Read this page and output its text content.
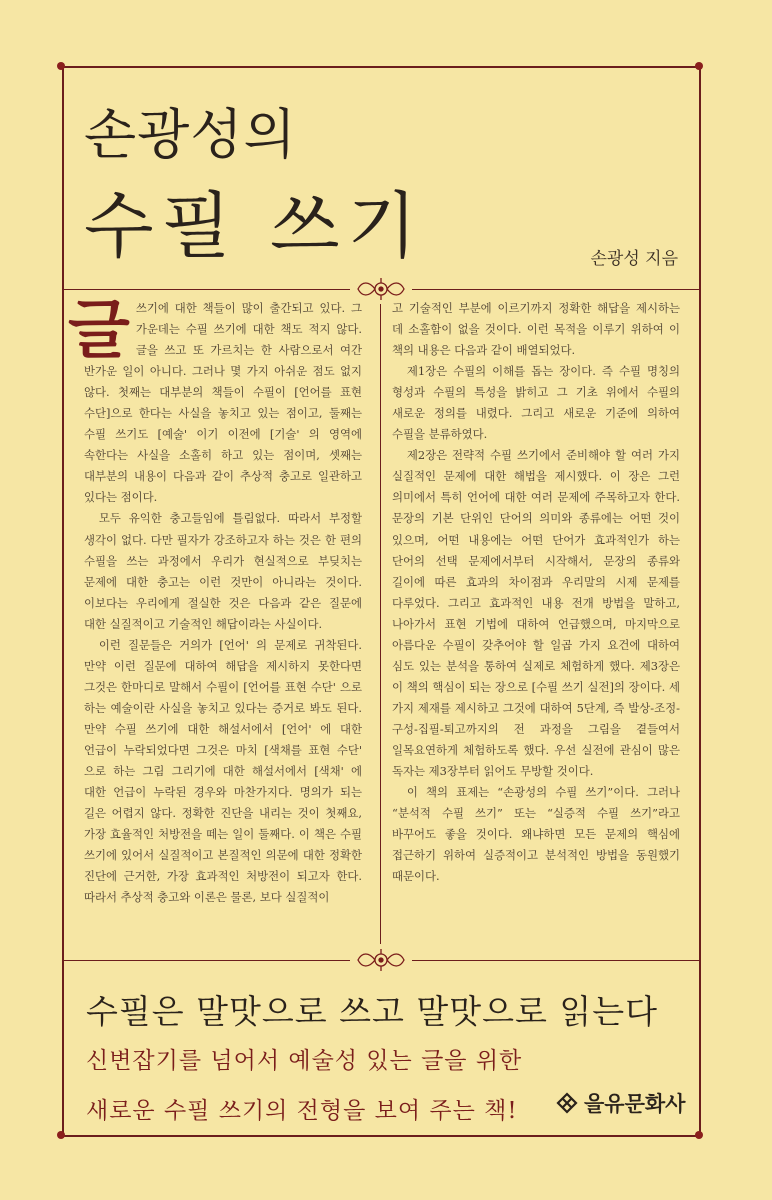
손광성의
수필 쓰기	손광성 지음

글쓰기에 대한 책들이 많이 출간되고 있다. 그 가운데는 수필 쓰기에 대한 책도 적지 않다. 글을 쓰고 또 가르치는 한 사람으로서 여간 반가운 일이 아니다. 그러나 몇 가지 아쉬운 점도 없지 않다. 첫째는 대부분의 책들이 수필이 [언어를 표현 수단]으로 한다는 사실을 놓치고 있는 점이고, 둘째는 수필 쓰기도 [예술' 이기 이전에 [기술' 의 영역에 속한다는 사실을 소홀히 하고 있는 점이며, 셋째는 대부분의 내용이 다음과 같이 추상적 충고로 일관하고 있다는 점이다.

모두 유익한 충고들임에 틀림없다. 따라서 부정할 생각이 없다. 다만 필자가 강조하고자 하는 것은 한 편의 수필을 쓰는 과정에서 우리가 현실적으로 부딪치는 문제에 대한 충고는 이런 것만이 아니라는 것이다. 이보다는 우리에게 절실한 것은 다음과 같은 질문에 대한 실질적이고 기술적인 해답이라는 사실이다.

이런 질문들은 거의가 [언어' 의 문제로 귀착된다. 만약 이런 질문에 대하여 해답을 제시하지 못한다면 그것은 한마디로 말해서 수필이 [언어를 표현 수단' 으로 하는 예술이란 사실을 놓치고 있다는 증거로 봐도 된다. 만약 수필 쓰기에 대한 해설서에서 [언어' 에 대한 언급이 누락되었다면 그것은 마치 [색채를 표현 수단' 으로 하는 그림 그리기에 대한 해설서에서 [색채' 에 대한 언급이 누락된 경우와 마찬가지다. 명의가 되는 길은 어렵지 않다. 정확한 진단을 내리는 것이 첫째요, 가장 효율적인 처방전을 떼는 일이 둘째다. 이 책은 수필 쓰기에 있어서 실질적이고 본질적인 의문에 대한 정확한 진단에 근거한, 가장 효과적인 처방전이 되고자 한다. 따라서 추상적 충고와 이론은 물론, 보다 실질적이

고 기술적인 부분에 이르기까지 정확한 해답을 제시하는 데 소홀함이 없을 것이다. 이런 목적을 이루기 위하여 이 책의 내용은 다음과 같이 배열되었다.

제1장은 수필의 이해를 돕는 장이다. 즉 수필 명칭의 형성과 수필의 특성을 밝히고 그 기초 위에서 수필의 새로운 정의를 내렸다. 그리고 새로운 기준에 의하여 수필을 분류하였다.

제2장은 전략적 수필 쓰기에서 준비해야 할 여러 가지 실질적인 문제에 대한 해법을 제시했다. 이 장은 그런 의미에서 특히 언어에 대한 여러 문제에 주목하고자 한다. 문장의 기본 단위인 단어의 의미와 종류에는 어떤 것이 있으며, 어떤 내용에는 어떤 단어가 효과적인가 하는 단어의 선택 문제에서부터 시작해서, 문장의 종류와 길이에 따른 효과의 차이점과 우리말의 시제 문제를 다루었다. 그리고 효과적인 내용 전개 방법을 말하고, 나아가서 표현 기법에 대하여 언급했으며, 마지막으로 아름다운 수필이 갖추어야 할 일곱 가지 요건에 대하여 심도 있는 분석을 통하여 실제로 체험하게 했다. 제3장은 이 책의 핵심이 되는 장으로 [수필 쓰기 실전]의 장이다. 세 가지 제재를 제시하고 그것에 대하여 5단계, 즉 발상-조정-구성-집필-퇴고까지의 전 과정을 그림을 곁들여서 일목요연하게 체험하도록 했다. 우선 실전에 관심이 많은 독자는 제3장부터 읽어도 무방할 것이다.

이 책의 표제는 “손광성의 수필 쓰기”이다. 그러나 “분석적 수필 쓰기” 또는 “실증적 수필 쓰기”라고 바꾸어도 좋을 것이다. 왜냐하면 모든 문제의 핵심에 접근하기 위하여 실증적이고 분석적인 방법을 동원했기 때문이다.

수필은 말맛으로 쓰고 말맛으로 읽는다
신변잡기를 넘어서 예술성 있는 글을 위한
새로운 수필 쓰기의 전형을 보여 주는 책!	을유문화사
